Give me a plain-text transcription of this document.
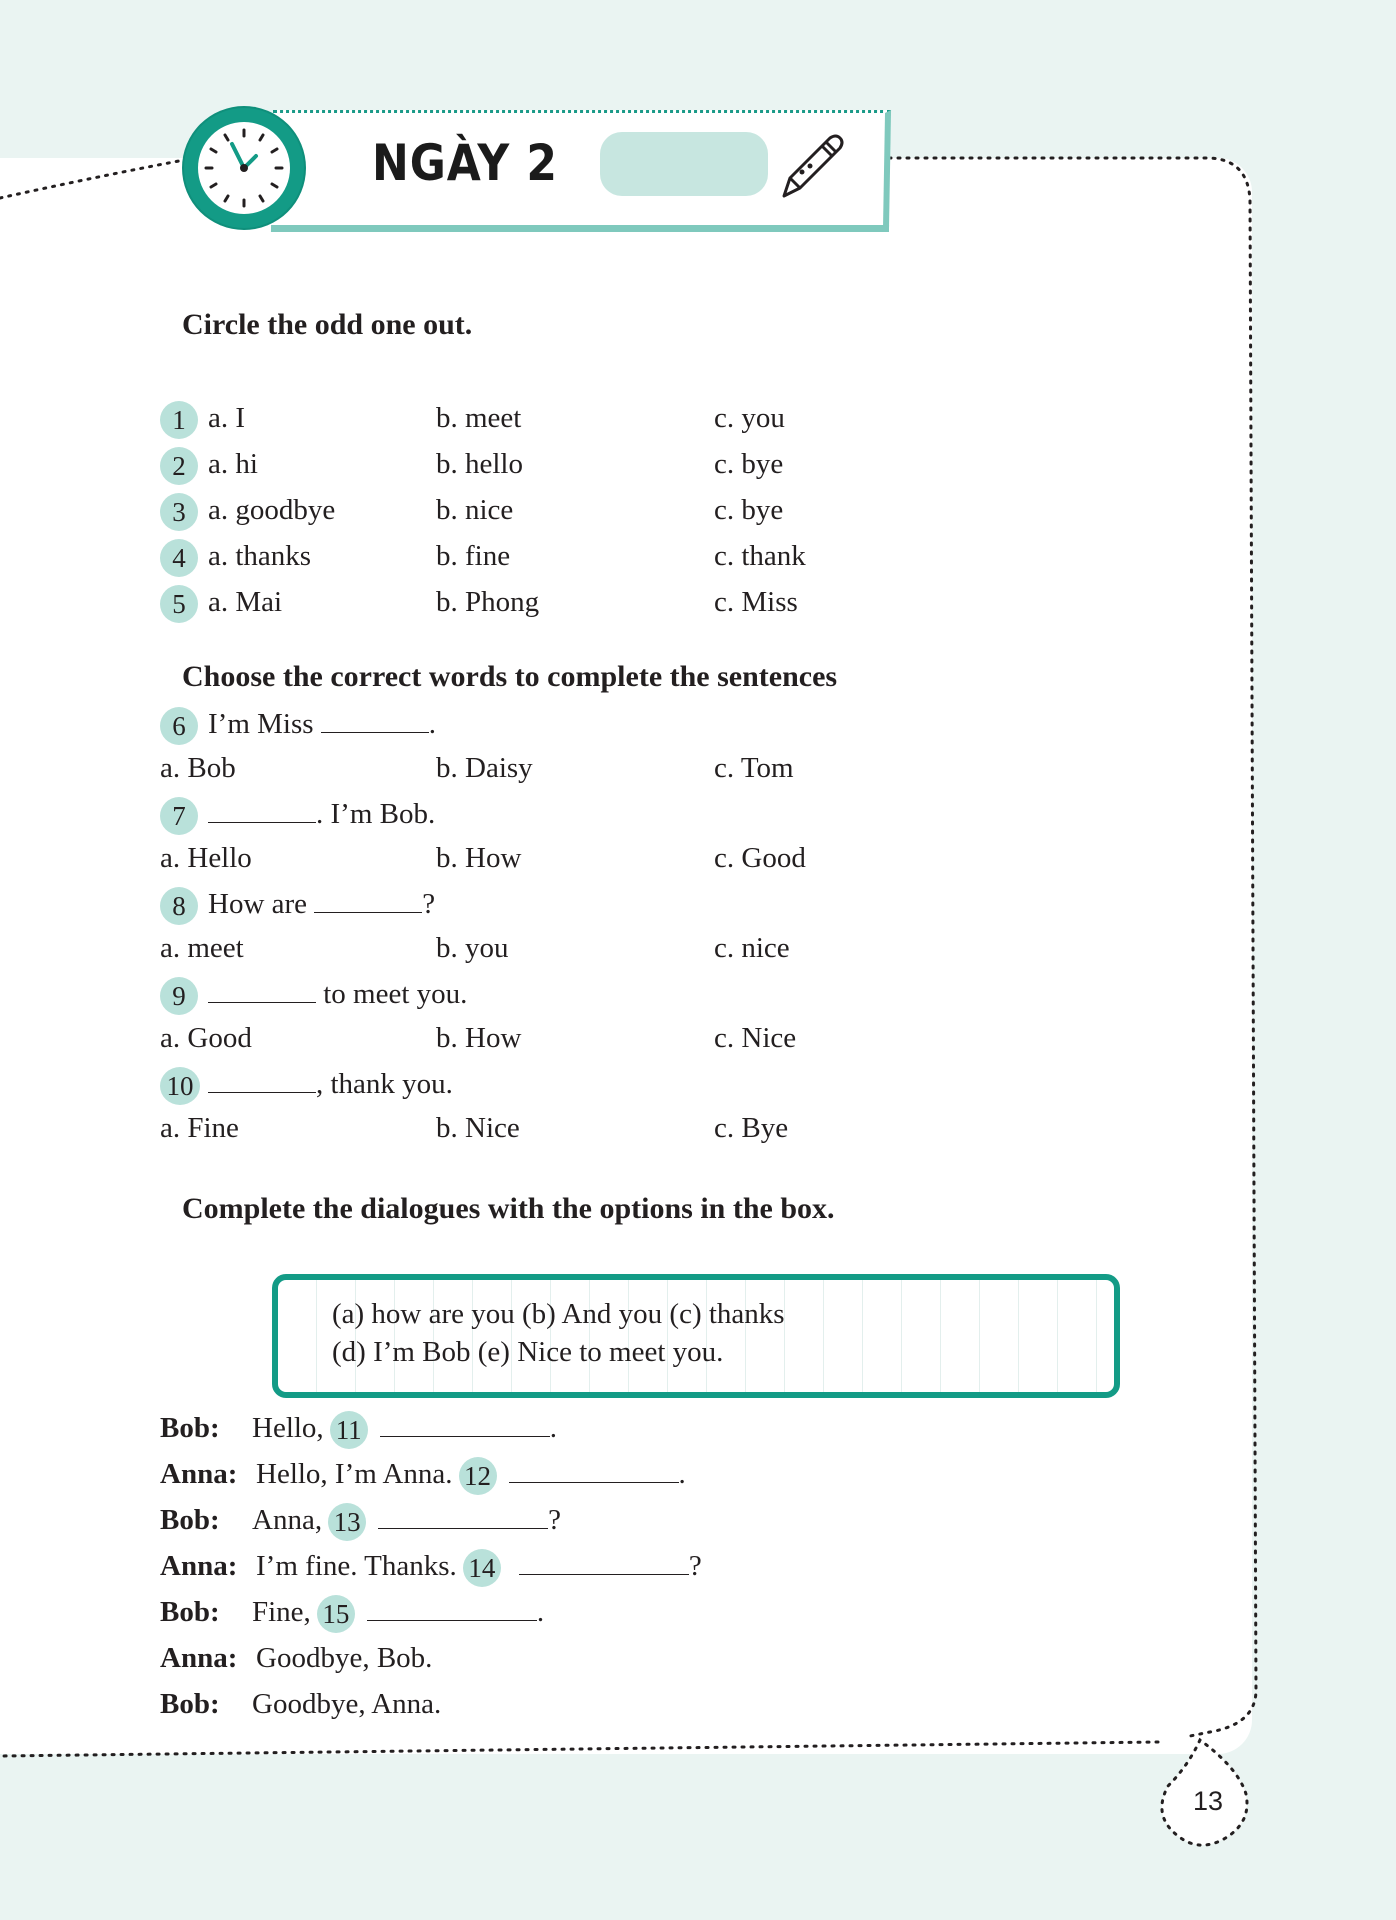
NGÀY 2
Circle the odd one out.
1 a. I	b. meet	c. you
2 a. hi	b. hello	c. bye
3 a. goodbye	b. nice	c. bye
4 a. thanks	b. fine	c. thank
5 a. Mai	b. Phong	c. Miss
Choose the correct words to complete the sentences
6 I’m Miss	.
a. Bob	b. Daisy	c. Tom
7	. I’m Bob.
a. Hello	b. How	c. Good
8 How are	?
a. meet	b. you	c. nice
9	to meet you.
a. Good	b. How	c. Nice
10	, thank you.
a. Fine	b. Nice	c. Bye
Complete the dialogues with the options in the box.
(a) how are you (b) And you (c) thanks
(d) I’m Bob (e) Nice to meet you.
Bob: Hello, 11	.
Anna: Hello, I’m Anna. 12	.
Bob: Anna, 13	?
Anna: I’m fine. Thanks. 14	?
Bob: Fine, 15	.
Anna: Goodbye, Bob.
Bob: Goodbye, Anna.
13
